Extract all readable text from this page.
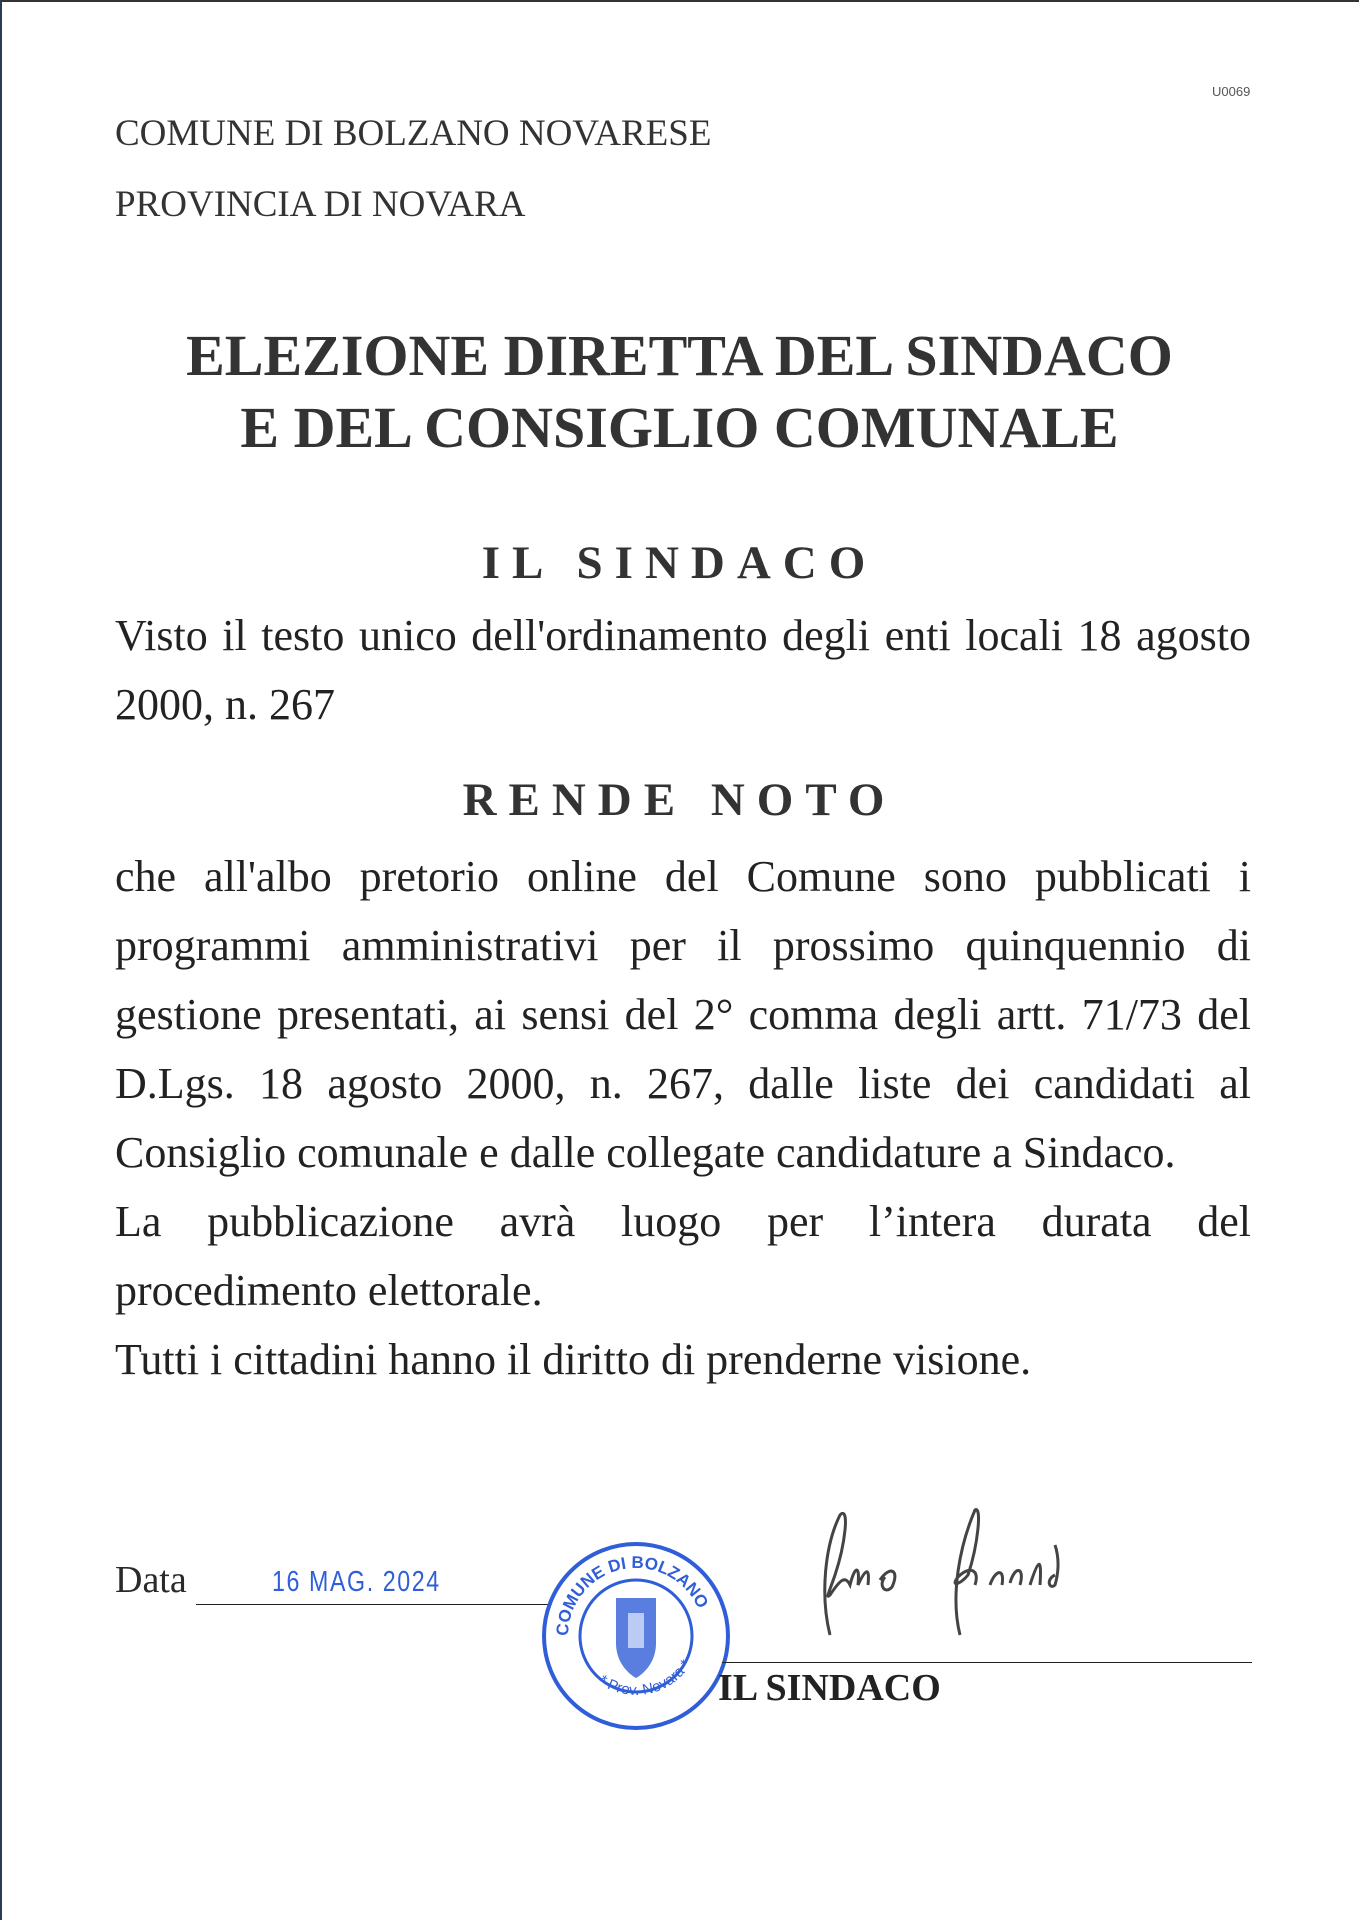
U0069
COMUNE DI BOLZANO NOVARESE
PROVINCIA DI NOVARA
ELEZIONE DIRETTA DEL SINDACO
E DEL CONSIGLIO COMUNALE
IL SINDACO

Visto il testo unico dell'ordinamento degli enti locali 18 agosto 2000, n. 267

RENDE NOTO

che all'albo pretorio online del Comune sono pubblicati i programmi amministrativi per il prossimo quinquennio di gestione presentati, ai sensi del 2° comma degli artt. 71/73 del D.Lgs. 18 agosto 2000, n. 267, dalle liste dei candidati al Consiglio comunale e dalle collegate candidature a Sindaco.

La pubblicazione avrà luogo per l’intera durata del procedimento elettorale.

Tutti i cittadini hanno il diritto di prenderne visione.

Data	16 MAG. 2024
COMUNE DI BOLZANO
* Prov. Novara *
IL SINDACO
